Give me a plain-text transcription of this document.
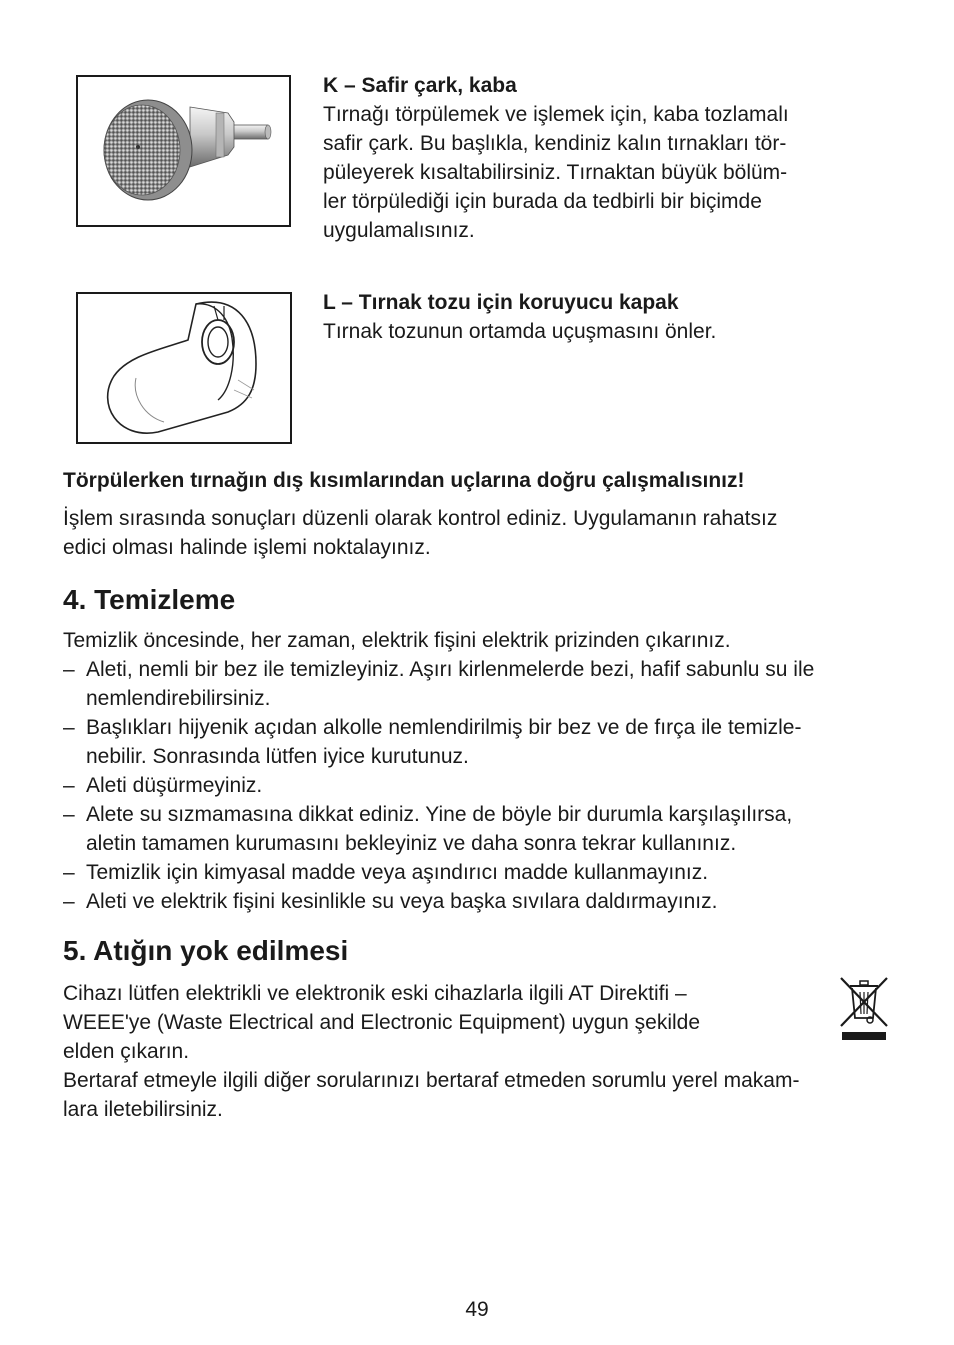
K – Safir çark, kaba
Tırnağı törpülemek ve işlemek için, kaba tozlamalı
safir çark. Bu başlıkla, kendiniz kalın tırnakları tör-
püleyerek kısaltabilirsiniz. Tırnaktan büyük bölüm-
ler törpülediği için burada da tedbirli bir biçimde
uygulamalısınız.
L – Tırnak tozu için koruyucu kapak
Tırnak tozunun ortamda uçuşmasını önler.
Törpülerken tırnağın dış kısımlarından uçlarına doğru çalışmalısınız!
İşlem sırasında sonuçları düzenli olarak kontrol ediniz. Uygulamanın rahatsız
edici olması halinde işlemi noktalayınız.
4. Temizleme
Temizlik öncesinde, her zaman, elektrik fişini elektrik prizinden çıkarınız.
– Aleti, nemli bir bez ile temizleyiniz. Aşırı kirlenmelerde bezi, hafif sabunlu su ile
nemlendirebilirsiniz.
– Başlıkları hijyenik açıdan alkolle nemlendirilmiş bir bez ve de fırça ile temizle-
nebilir. Sonrasında lütfen iyice kurutunuz.
– Aleti düşürmeyiniz.
– Alete su sızmamasına dikkat ediniz. Yine de böyle bir durumla karşılaşılırsa,
aletin tamamen kurumasını bekleyiniz ve daha sonra tekrar kullanınız.
– Temizlik için kimyasal madde veya aşındırıcı madde kullanmayınız.
– Aleti ve elektrik fişini kesinlikle su veya başka sıvılara daldırmayınız.
5. Atığın yok edilmesi
Cihazı lütfen elektrikli ve elektronik eski cihazlarla ilgili AT Direktifi –
WEEE'ye (Waste Electrical and Electronic Equipment) uygun şekilde
elden çıkarın.
Bertaraf etmeyle ilgili diğer sorularınızı bertaraf etmeden sorumlu yerel makam-
lara iletebilirsiniz.
49
